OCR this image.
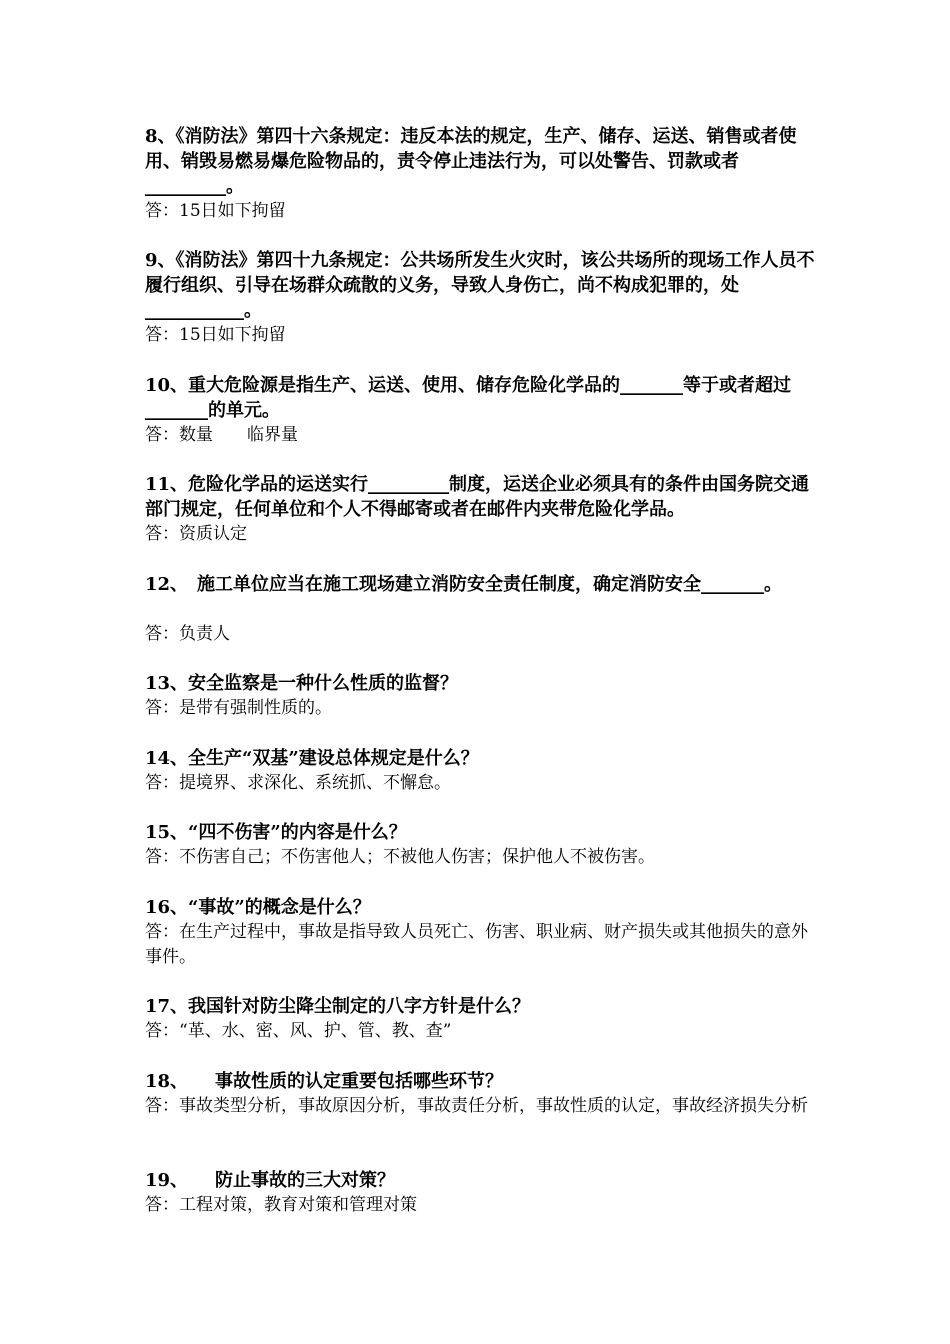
8、《消防法》第四十六条规定：违反本法的规定，生产、储存、运送、销售或者使用、销毁易燃易爆危险物品的，责令停止违法行为，可以处警告、罚款或者_________。

答：15日如下拘留

9、《消防法》第四十九条规定：公共场所发生火灾时，该公共场所的现场工作人员不履行组织、引导在场群众疏散的义务，导致人身伤亡，尚不构成犯罪的，处___________。

答：15日如下拘留

10、重大危险源是指生产、运送、使用、储存危险化学品的_______等于或者超过_______的单元。

答：数量　　临界量

11、危险化学品的运送实行_________制度，运送企业必须具有的条件由国务院交通部门规定，任何单位和个人不得邮寄或者在邮件内夹带危险化学品。

答：资质认定

12、　施工单位应当在施工现场建立消防安全责任制度，确定消防安全_______。

答：负责人

13、安全监察是一种什么性质的监督？

答：是带有强制性质的。

14、全生产“双基”建设总体规定是什么？

答：提境界、求深化、系统抓、不懈怠。

15、“四不伤害”的内容是什么？

答：不伤害自己；不伤害他人；不被他人伤害；保护他人不被伤害。

16、“事故”的概念是什么？

答：在生产过程中，事故是指导致人员死亡、伤害、职业病、财产损失或其他损失的意外事件。

17、我国针对防尘降尘制定的八字方针是什么？

答：“革、水、密、风、护、管、教、查”

18、　　事故性质的认定重要包括哪些环节？

答：事故类型分析，事故原因分析，事故责任分析，事故性质的认定，事故经济损失分析

19、　　防止事故的三大对策？

答：工程对策，教育对策和管理对策
